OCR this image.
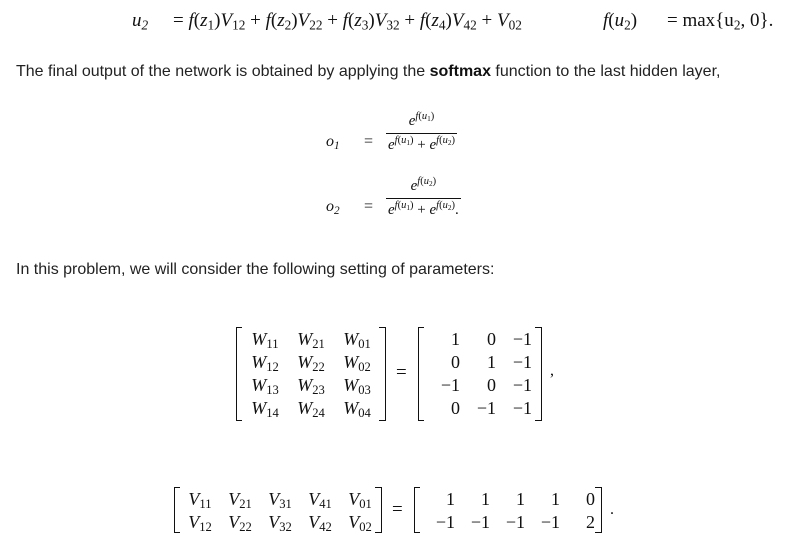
$u_2 = f(z_1)V_{12} + f(z_2)V_{22} + f(z_3)V_{32} + f(z_4)V_{42} + V_{02}$	$f(u_2) = \max\{u_2$, 0}.
The final output of the network is obtained by applying the softmax function to the last hidden layer,
$o_1 = \frac{e^{f(u_1)}}{e^{f(u_1)} + e^{f(u_2)}}$
$o_2 = \frac{e^{f(u_2)}}{e^{f(u_1)} + e^{f(u_2)}.}$
In this problem, we will consider the following setting of parameters:
$W_{11}$	$W_{21}$	$W_{01}$
$W_{12}$	$W_{22}$	$W_{02}$
$W_{13}$	$W_{23}$	$W_{03}$
$W_{14}$	$W_{24}$	$W_{04}$
=
1	0 −1
0	1 −1
−1	0 −1
0 −1 −1
,
$V_{11}$ $V_{21}$ $V_{31}$ $V_{41}$ $V_{01}$
$V_{12}$ $V_{22}$ $V_{32}$ $V_{42}$ $V_{02}$
=	1	1	1	1	0
−1 −1 −1 −1	2
.
